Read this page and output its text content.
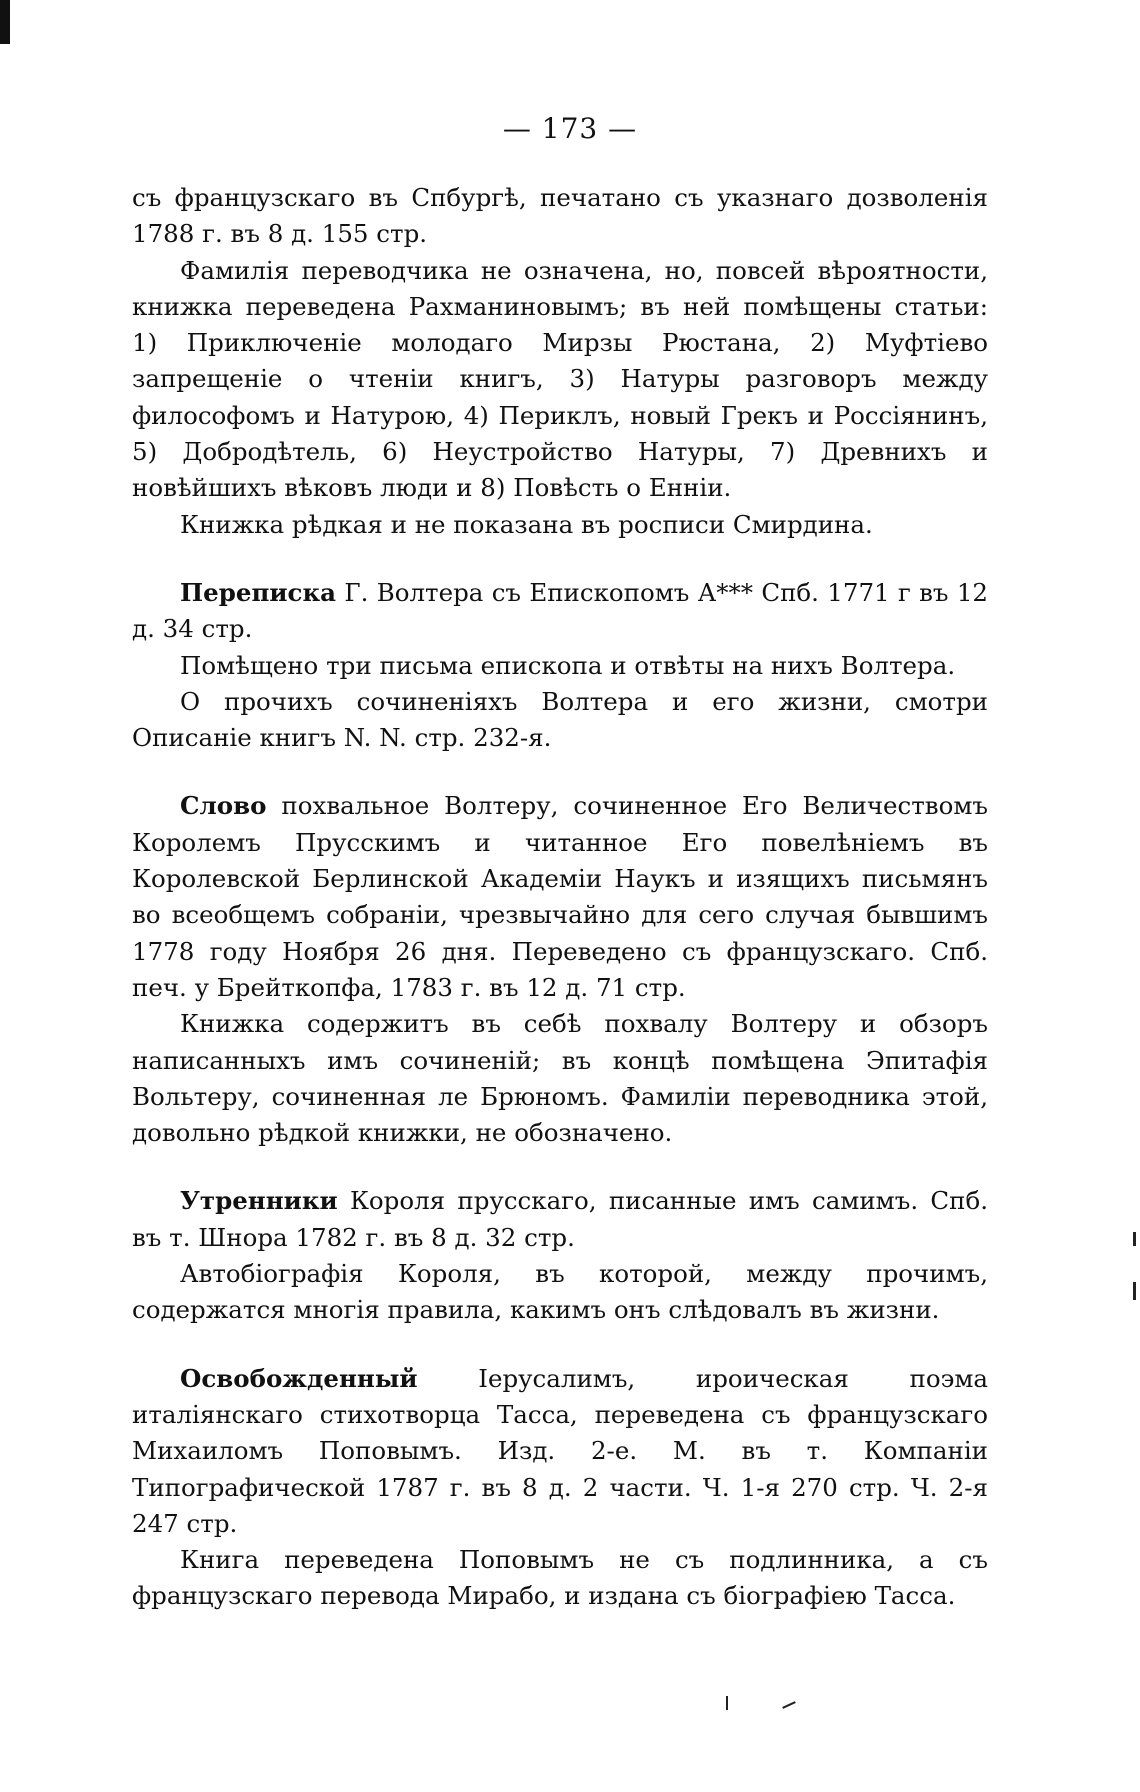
— 173 —

съ французскаго въ Спбургѣ, печатано съ указнаго дозволенія 1788 г. въ 8 д. 155 стр.

Фамилія переводчика не означена, но, повсей вѣроятности, книжка переведена Рахманиновымъ; въ ней помѣщены статьи: 1) Приключеніе молодаго Мирзы Рюстана, 2) Муфтіево запрещеніе о чтеніи книгъ, 3) Натуры разговоръ между философомъ и Натурою, 4) Периклъ, новый Грекъ и Россіянинъ, 5) Добродѣтель, 6) Неустройство Натуры, 7) Древнихъ и новѣйшихъ вѣковъ люди и 8) Повѣсть о Енніи.

Книжка рѣдкая и не показана въ росписи Смирдина.

Переписка Г. Волтера съ Епископомъ А*** Спб. 1771 г въ 12 д. 34 стр.

Помѣщено три письма епископа и отвѣты на нихъ Волтера.

О прочихъ сочиненіяхъ Волтера и его жизни, смотри Описаніе книгъ N. N. стр. 232-я.

Слово похвальное Волтеру, сочиненное Его Величествомъ Королемъ Прусскимъ и читанное Его повелѣніемъ въ Королевской Берлинской Академіи Наукъ и изящихъ письмянъ во всеобщемъ собраніи, чрезвычайно для сего случая бывшимъ 1778 году Ноября 26 дня. Переведено съ французскаго. Спб. печ. у Брейткопфа, 1783 г. въ 12 д. 71 стр.

Книжка содержитъ въ себѣ похвалу Волтеру и обзоръ написанныхъ имъ сочиненій; въ концѣ помѣщена Эпитафія Вольтеру, сочиненная ле Брюномъ. Фамиліи переводника этой, довольно рѣдкой книжки, не обозначено.

Утренники Короля прусскаго, писанные имъ самимъ. Спб. въ т. Шнора 1782 г. въ 8 д. 32 стр.

Автобіографія Короля, въ которой, между прочимъ, содержатся многія правила, какимъ онъ слѣдовалъ въ жизни.

Освобожденный Іерусалимъ, ироическая поэма италіянскаго стихотворца Тасса, переведена съ французскаго Михаиломъ Поповымъ. Изд. 2-е. М. въ т. Компаніи Типографической 1787 г. въ 8 д. 2 части. Ч. 1-я 270 стр. Ч. 2-я 247 стр.

Книга переведена Поповымъ не съ подлинника, а съ французскаго перевода Мирабо, и издана съ біографіею Тасса.
